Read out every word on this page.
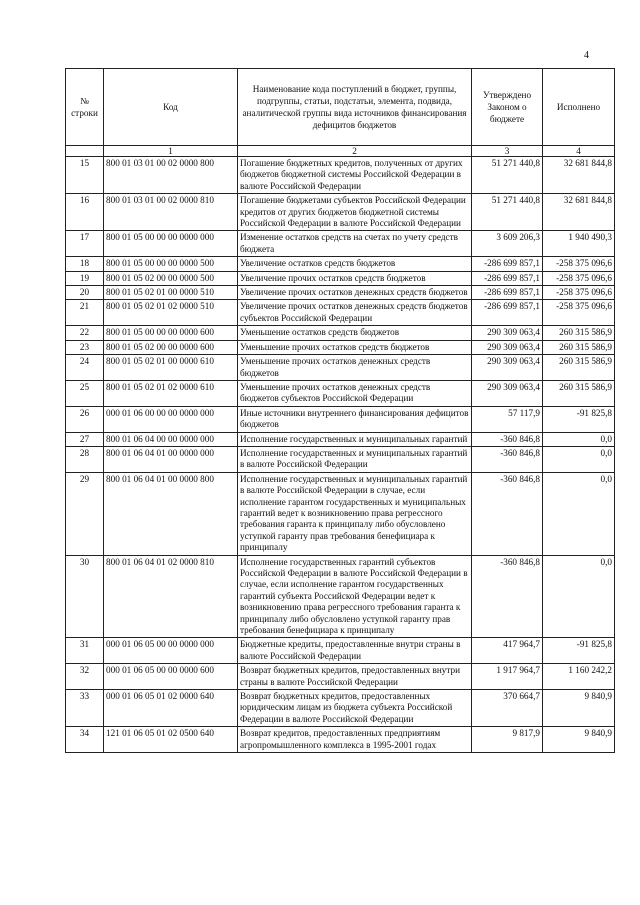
4
№ строки	Код	Наименование кода поступлений в бюджет, группы, подгруппы, статьи, подстатьи, элемента, подвида, аналитической группы вида источников финансирования дефицитов бюджетов	Утверждено Законом о бюджете	Исполнено
	1	2	3	4
15	800 01 03 01 00 02 0000 800	Погашение бюджетных кредитов, полученных от других бюджетов бюджетной системы Российской Федерации в валюте Российской Федерации	51 271 440,8	32 681 844,8
16	800 01 03 01 00 02 0000 810	Погашение бюджетами субъектов Российской Федерации кредитов от других бюджетов бюджетной системы Российской Федерации в валюте Российской Федерации	51 271 440,8	32 681 844,8
17	800 01 05 00 00 00 0000 000	Изменение остатков средств на счетах по учету средств бюджета	3 609 206,3	1 940 490,3
18	800 01 05 00 00 00 0000 500	Увеличение остатков средств бюджетов	-286 699 857,1	-258 375 096,6
19	800 01 05 02 00 00 0000 500	Увеличение прочих остатков средств бюджетов	-286 699 857,1	-258 375 096,6
20	800 01 05 02 01 00 0000 510	Увеличение прочих остатков денежных средств бюджетов	-286 699 857,1	-258 375 096,6
21	800 01 05 02 01 02 0000 510	Увеличение прочих остатков денежных средств бюджетов субъектов Российской Федерации	-286 699 857,1	-258 375 096,6
22	800 01 05 00 00 00 0000 600	Уменьшение остатков средств бюджетов	290 309 063,4	260 315 586,9
23	800 01 05 02 00 00 0000 600	Уменьшение прочих остатков средств бюджетов	290 309 063,4	260 315 586,9
24	800 01 05 02 01 00 0000 610	Уменьшение прочих остатков денежных средств бюджетов	290 309 063,4	260 315 586,9
25	800 01 05 02 01 02 0000 610	Уменьшение прочих остатков денежных средств бюджетов субъектов Российской Федерации	290 309 063,4	260 315 586,9
26	000 01 06 00 00 00 0000 000	Иные источники внутреннего финансирования дефицитов бюджетов	57 117,9	-91 825,8
27	800 01 06 04 00 00 0000 000	Исполнение государственных и муниципальных гарантий	-360 846,8	0,0
28	800 01 06 04 01 00 0000 000	Исполнение государственных и муниципальных гарантий в валюте Российской Федерации	-360 846,8	0,0
29	800 01 06 04 01 00 0000 800	Исполнение государственных и муниципальных гарантий в валюте Российской Федерации в случае, если исполнение гарантом государственных и муниципальных гарантий ведет к возникновению права регрессного требования гаранта к принципалу либо обусловлено уступкой гаранту прав требования бенефициара к принципалу	-360 846,8	0,0
30	800 01 06 04 01 02 0000 810	Исполнение государственных гарантий субъектов Российской Федерации в валюте Российской Федерации в случае, если исполнение гарантом государственных гарантий субъекта Российской Федерации ведет к возникновению права регрессного требования гаранта к принципалу либо обусловлено уступкой гаранту прав требования бенефициара к принципалу	-360 846,8	0,0
31	000 01 06 05 00 00 0000 000	Бюджетные кредиты, предоставленные внутри страны в валюте Российской Федерации	417 964,7	-91 825,8
32	000 01 06 05 00 00 0000 600	Возврат бюджетных кредитов, предоставленных внутри страны в валюте Российской Федерации	1 917 964,7	1 160 242,2
33	000 01 06 05 01 02 0000 640	Возврат бюджетных кредитов, предоставленных юридическим лицам из бюджета субъекта Российской Федерации в валюте Российской Федерации	370 664,7	9 840,9
34	121 01 06 05 01 02 0500 640	Возврат кредитов, предоставленных предприятиям агропромышленного комплекса в 1995-2001 годах	9 817,9	9 840,9
